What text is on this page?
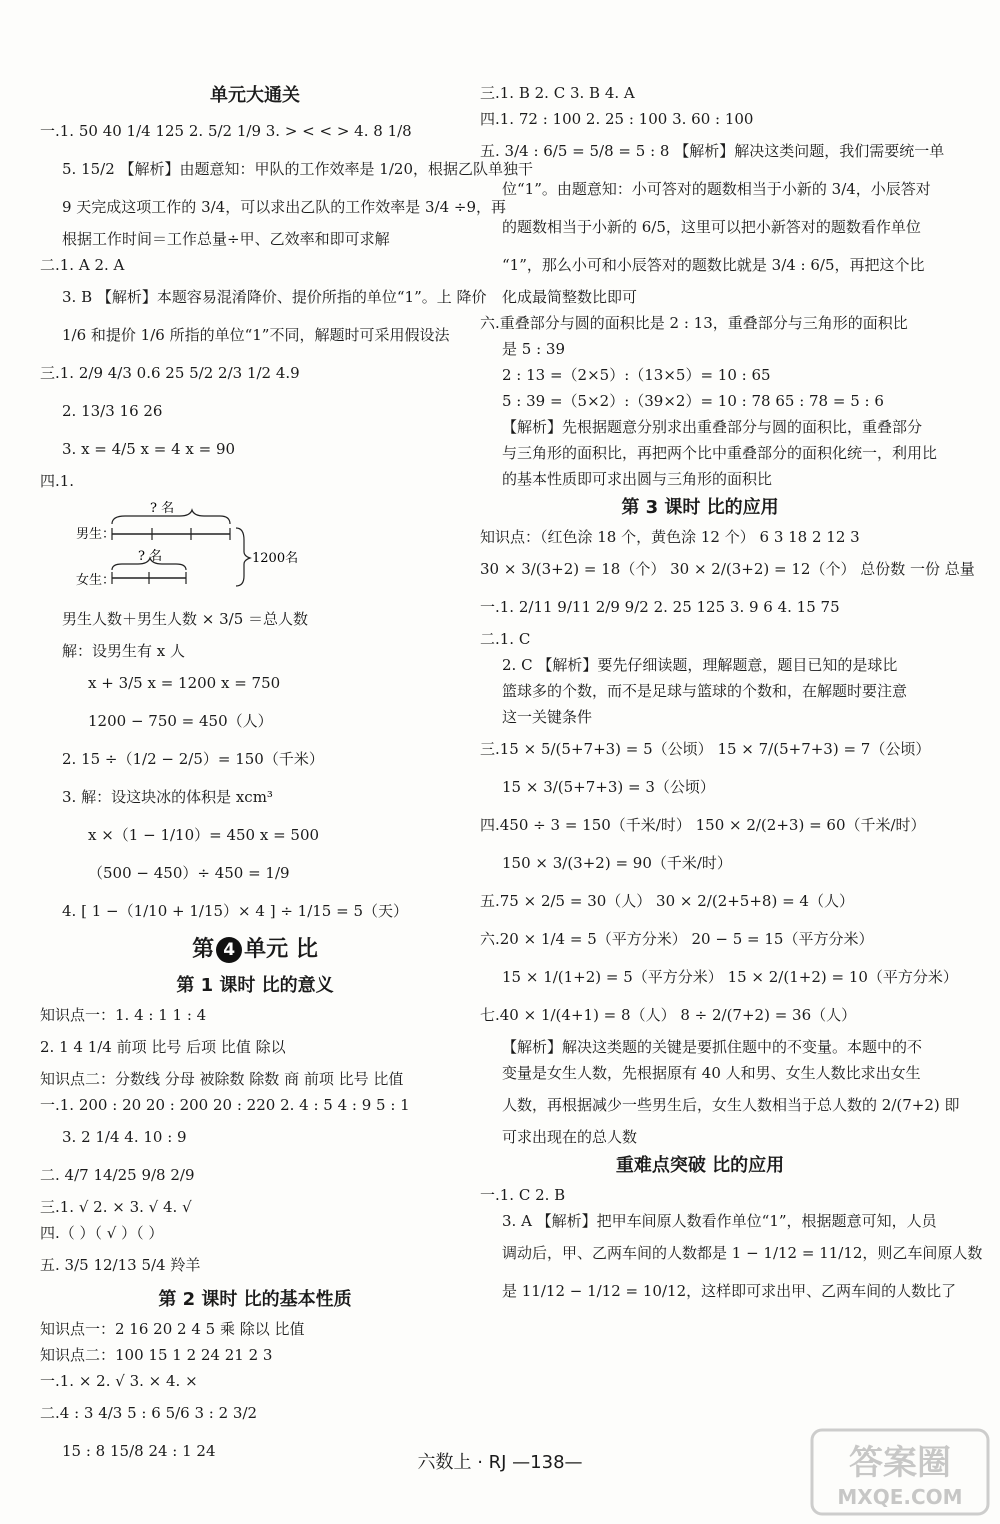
单元大通关
一.1. 50 40 1/4 125 2. 5/2 1/9 3. > < < > 4. 8 1/8
5. 15/2 【解析】由题意知：甲队的工作效率是 1/20，根据乙队单独干
9 天完成这项工作的 3/4，可以求出乙队的工作效率是 3/4 ÷9，再
根据工作时间＝工作总量÷甲、乙效率和即可求解
二.1. A 2. A
3. B 【解析】本题容易混淆降价、提价所指的单位“1”。上 降价
1/6 和提价 1/6 所指的单位“1”不同，解题时可采用假设法
三.1. 2/9 4/3 0.6 25 5/2 2/3 1/2 4.9
2. 13/3 16 26
3. x = 4/5 x = 4 x = 90
四.1.
? 名
男生：
? 名
女生：
1200名
男生人数＋男生人数 × 3/5 ＝总人数
解：设男生有 x 人
x + 3/5 x = 1200 x = 750
1200 − 750 = 450（人）
2. 15 ÷（1/2 − 2/5）= 150（千米）
3. 解：设这块冰的体积是 xcm³
x ×（1 − 1/10）= 450 x = 500
（500 − 450）÷ 450 = 1/9
4. [ 1 −（1/10 + 1/15）× 4 ] ÷ 1/15 = 5（天）
第 4 单元 比
第 1 课时 比的意义
知识点一：1. 4 : 1 1 : 4
2. 1 4 1/4 前项 比号 后项 比值 除以
知识点二：分数线 分母 被除数 除数 商 前项 比号 比值
一.1. 200 : 20 20 : 200 20 : 220 2. 4 : 5 4 : 9 5 : 1
3. 2 1/4 4. 10 : 9
二. 4/7 14/25 9/8 2/9
三.1. √ 2. × 3. √ 4. √
四.（ ）（ √ ）（ ）
五. 3/5 12/13 5/4 羚羊
第 2 课时 比的基本性质
知识点一：2 16 20 2 4 5 乘 除以 比值
知识点二：100 15 1 2 24 21 2 3
一.1. × 2. √ 3. × 4. ×
二.4 : 3 4/3 5 : 6 5/6 3 : 2 3/2
15 : 8 15/8 24 : 1 24
三.1. B 2. C 3. B 4. A
四.1. 72 : 100 2. 25 : 100 3. 60 : 100
五. 3/4 : 6/5 = 5/8 = 5 : 8 【解析】解决这类问题，我们需要统一单
位“1”。由题意知：小可答对的题数相当于小新的 3/4，小辰答对
的题数相当于小新的 6/5，这里可以把小新答对的题数看作单位
“1”，那么小可和小辰答对的题数比就是 3/4 : 6/5，再把这个比
化成最简整数比即可
六.重叠部分与圆的面积比是 2 : 13，重叠部分与三角形的面积比
是 5 : 39
2 : 13 =（2×5）:（13×5）= 10 : 65
5 : 39 =（5×2）:（39×2）= 10 : 78 65 : 78 = 5 : 6
【解析】先根据题意分别求出重叠部分与圆的面积比，重叠部分
与三角形的面积比，再把两个比中重叠部分的面积化统一，利用比
的基本性质即可求出圆与三角形的面积比
第 3 课时 比的应用
知识点：（红色涂 18 个，黄色涂 12 个） 6 3 18 2 12 3
30 × 3/(3+2) = 18（个） 30 × 2/(3+2) = 12（个） 总份数 一份 总量
一.1. 2/11 9/11 2/9 9/2 2. 25 125 3. 9 6 4. 15 75
二.1. C
2. C 【解析】要先仔细读题，理解题意，题目已知的是球比
篮球多的个数，而不是足球与篮球的个数和，在解题时要注意
这一关键条件
三.15 × 5/(5+7+3) = 5（公顷） 15 × 7/(5+7+3) = 7（公顷）
15 × 3/(5+7+3) = 3（公顷）
四.450 ÷ 3 = 150（千米/时） 150 × 2/(2+3) = 60（千米/时）
150 × 3/(3+2) = 90（千米/时）
五.75 × 2/5 = 30（人） 30 × 2/(2+5+8) = 4（人）
六.20 × 1/4 = 5（平方分米） 20 − 5 = 15（平方分米）
15 × 1/(1+2) = 5（平方分米） 15 × 2/(1+2) = 10（平方分米）
七.40 × 1/(4+1) = 8（人） 8 ÷ 2/(7+2) = 36（人）
【解析】解决这类题的关键是要抓住题中的不变量。本题中的不
变量是女生人数，先根据原有 40 人和男、女生人数比求出女生
人数，再根据减少一些男生后，女生人数相当于总人数的 2/(7+2) 即
可求出现在的总人数
重难点突破 比的应用
一.1. C 2. B
3. A 【解析】把甲车间原人数看作单位“1”，根据题意可知，人员
调动后，甲、乙两车间的人数都是 1 − 1/12 = 11/12，则乙车间原人数
是 11/12 − 1/12 = 10/12，这样即可求出甲、乙两车间的人数比了
六数上 · RJ —138—	答案圈
MXQE.COM
